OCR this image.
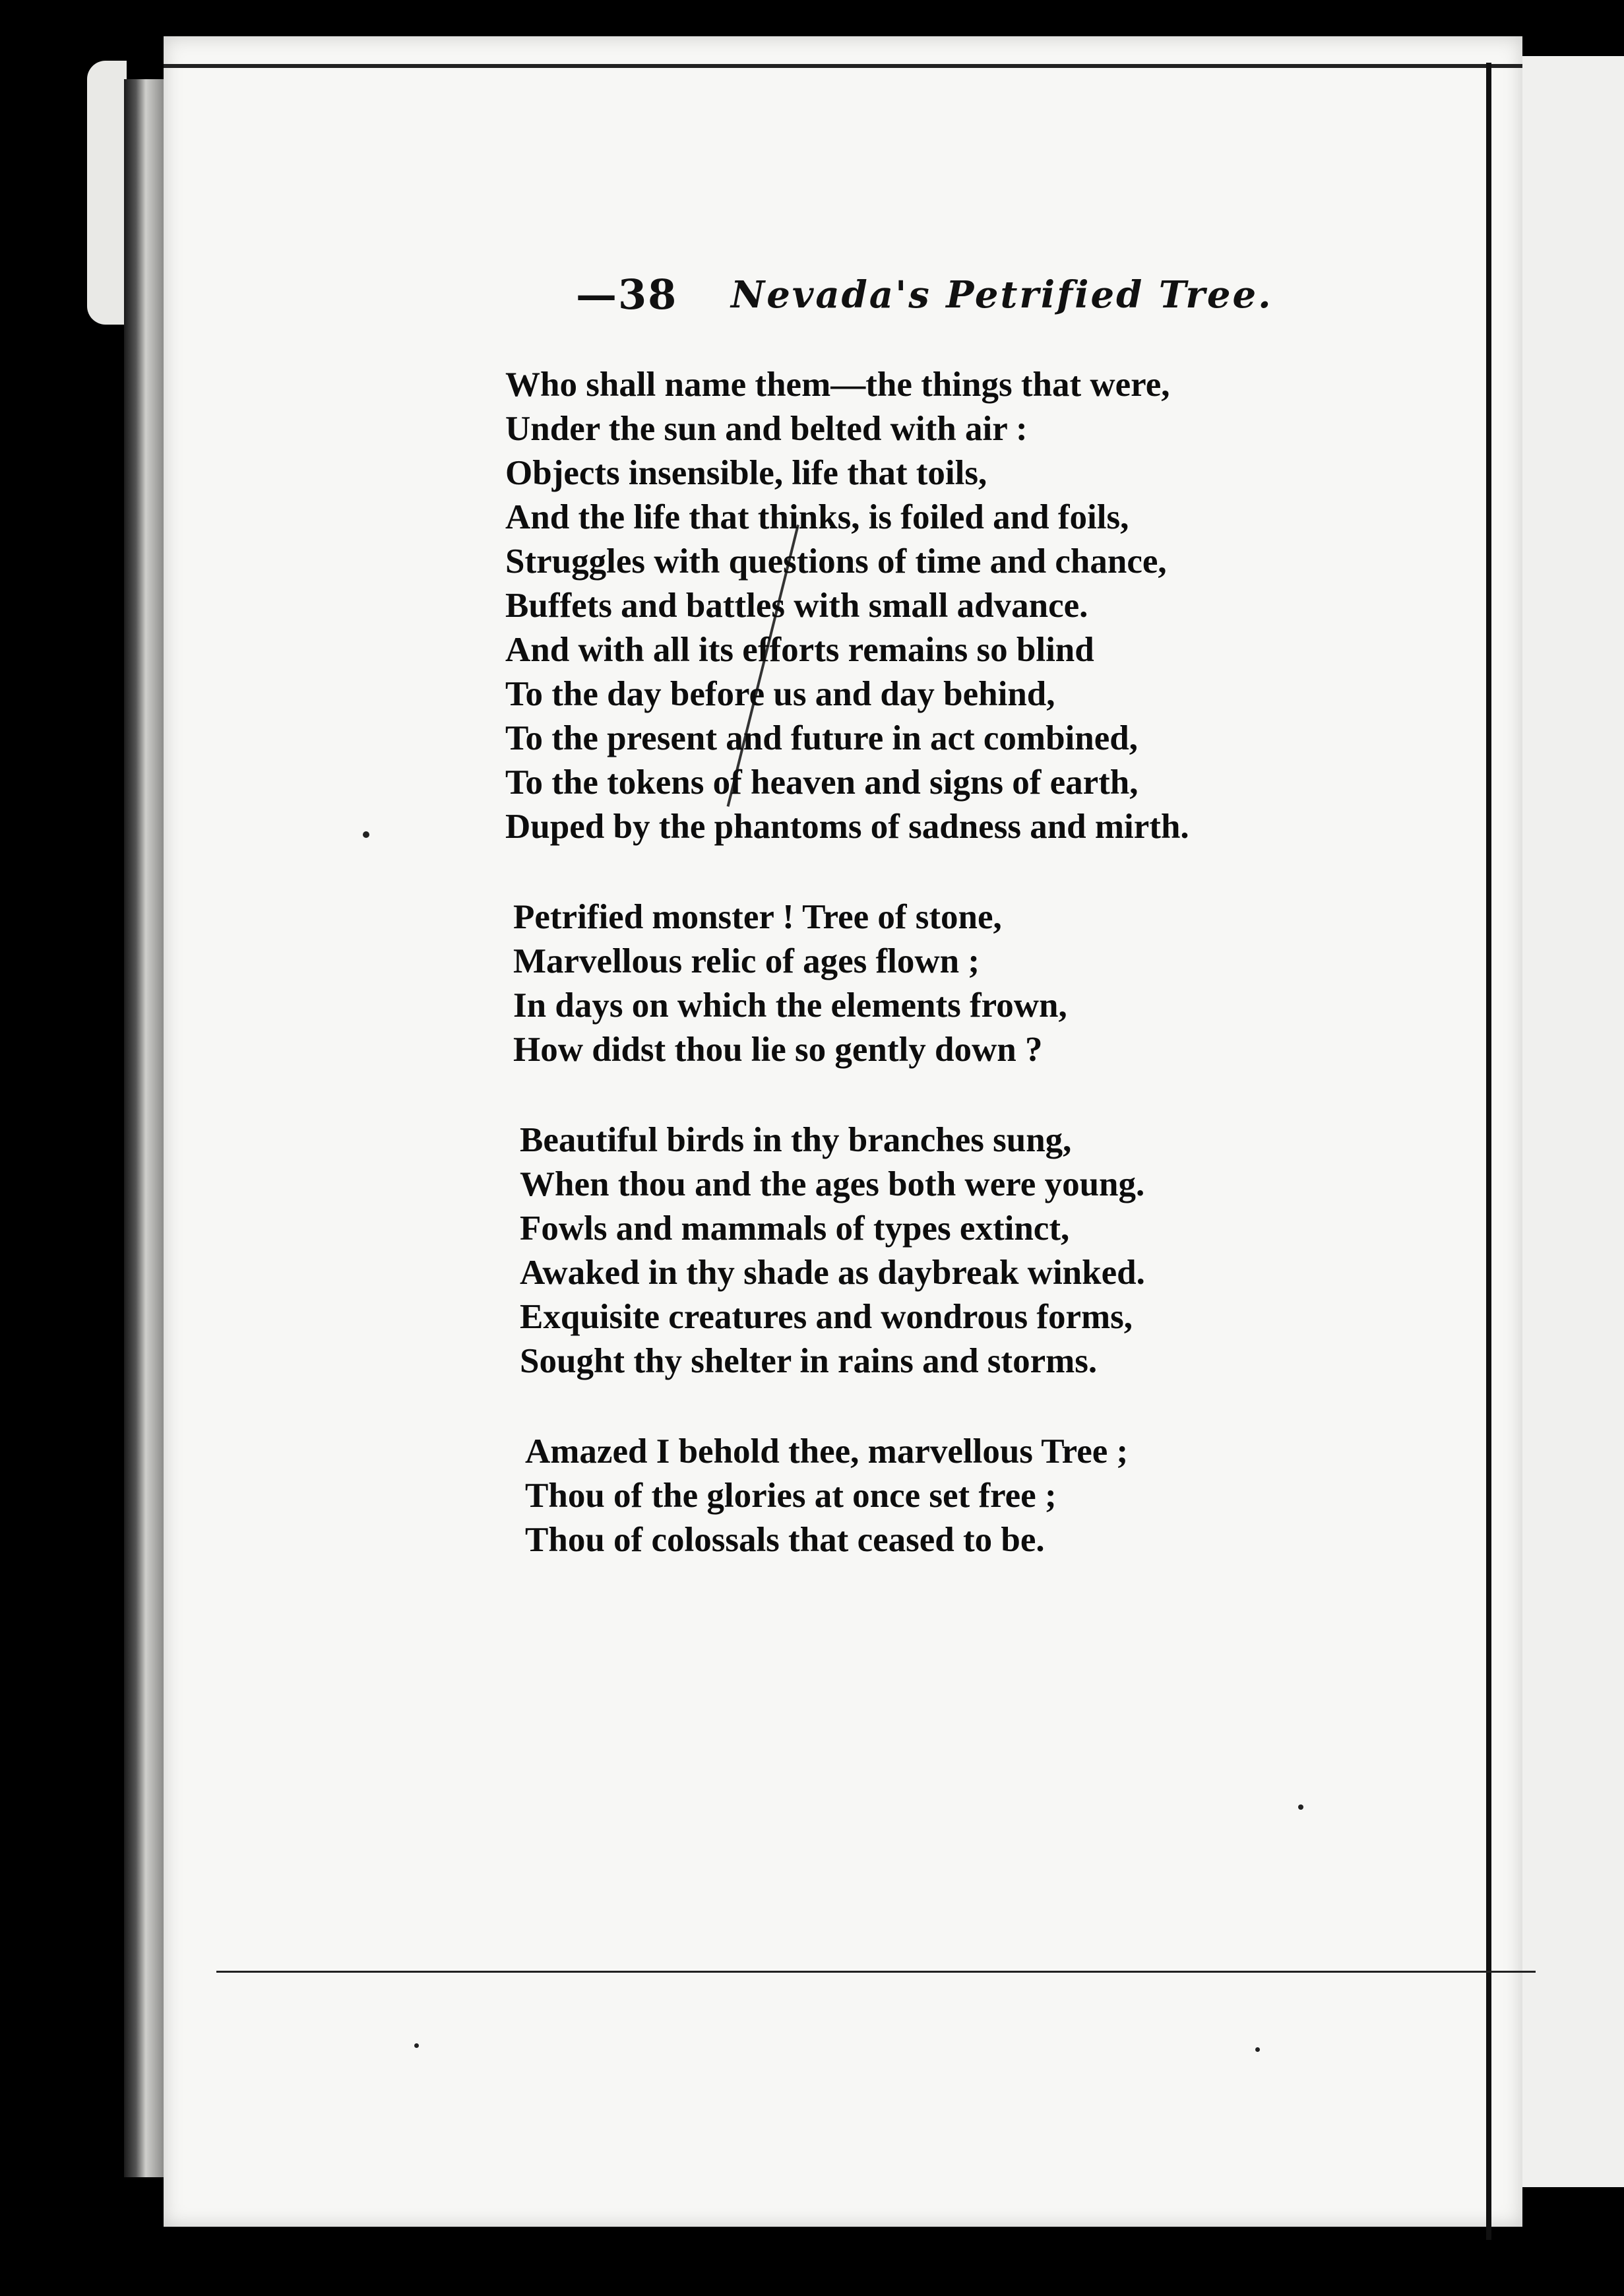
—38 Nevada's Petrified Tree.
Who shall name them—the things that were,
Under the sun and belted with air :
Objects insensible, life that toils,
And the life that thinks, is foiled and foils,
Struggles with questions of time and chance,
Buffets and battles with small advance.
And with all its efforts remains so blind
To the day before us and day behind,
To the present and future in act combined,
To the tokens of heaven and signs of earth,
Duped by the phantoms of sadness and mirth.
Petrified monster ! Tree of stone,
Marvellous relic of ages flown ;
In days on which the elements frown,
How didst thou lie so gently down ?
Beautiful birds in thy branches sung,
When thou and the ages both were young.
Fowls and mammals of types extinct,
Awaked in thy shade as daybreak winked.
Exquisite creatures and wondrous forms,
Sought thy shelter in rains and storms.
Amazed I behold thee, marvellous Tree ;
Thou of the glories at once set free ;
Thou of colossals that ceased to be.
